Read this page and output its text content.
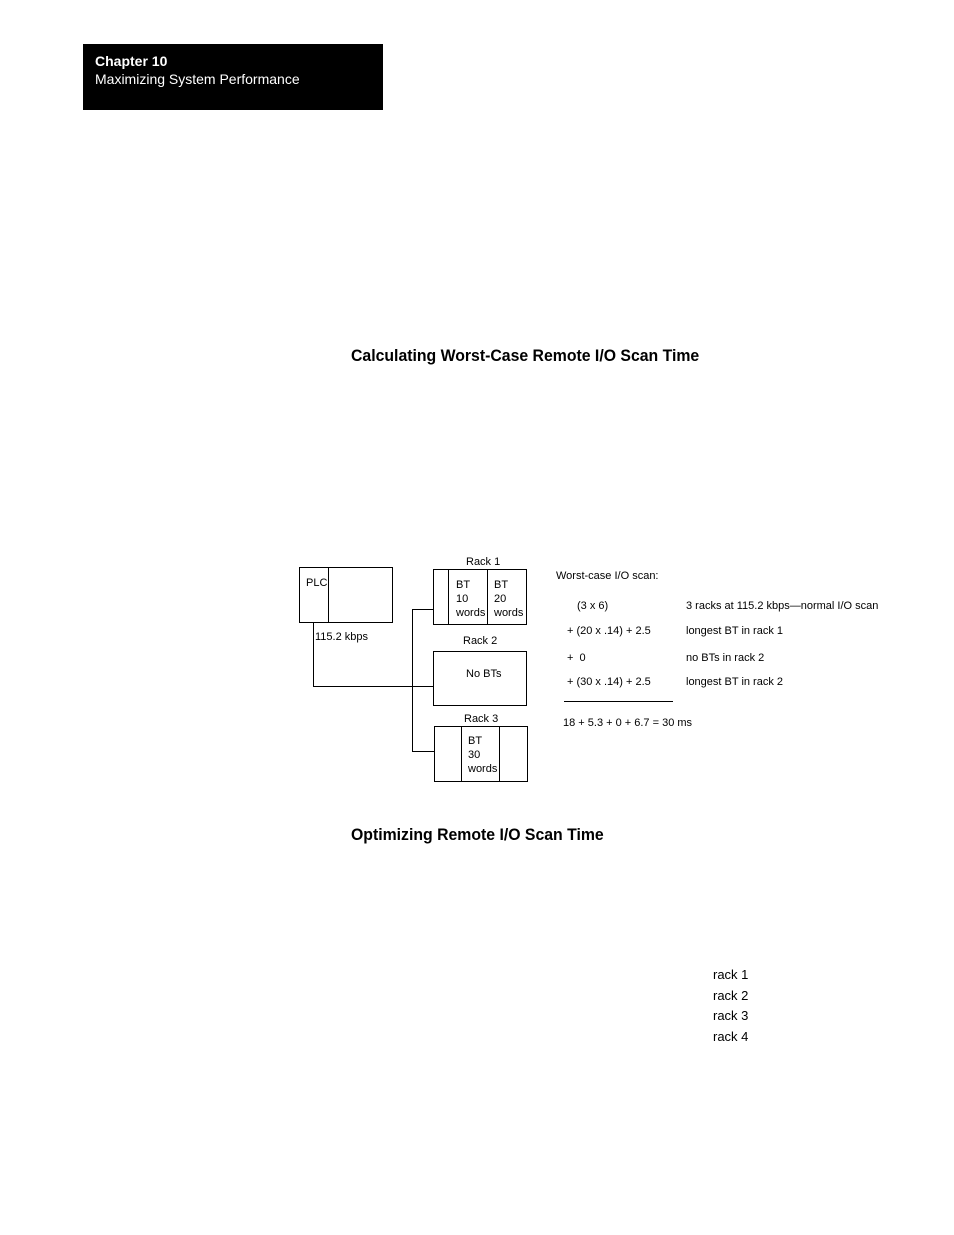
Chapter 10
Maximizing System Performance
Calculating Worst-Case Remote I/O Scan Time
PLC
115.2 kbps
Rack 1
BT
10
words
BT
20
words
Rack 2
No BTs
Rack 3
BT
30
words
Worst-case I/O scan:
(3 x 6)	3 racks at 115.2 kbps—normal I/O scan
+ (20 x .14) + 2.5	longest BT in rack 1
+  0	no BTs in rack 2
+ (30 x .14) + 2.5	longest BT in rack 2
18 + 5.3 + 0 + 6.7 = 30 ms
Optimizing Remote I/O Scan Time
rack 1
rack 2
rack 3
rack 4
